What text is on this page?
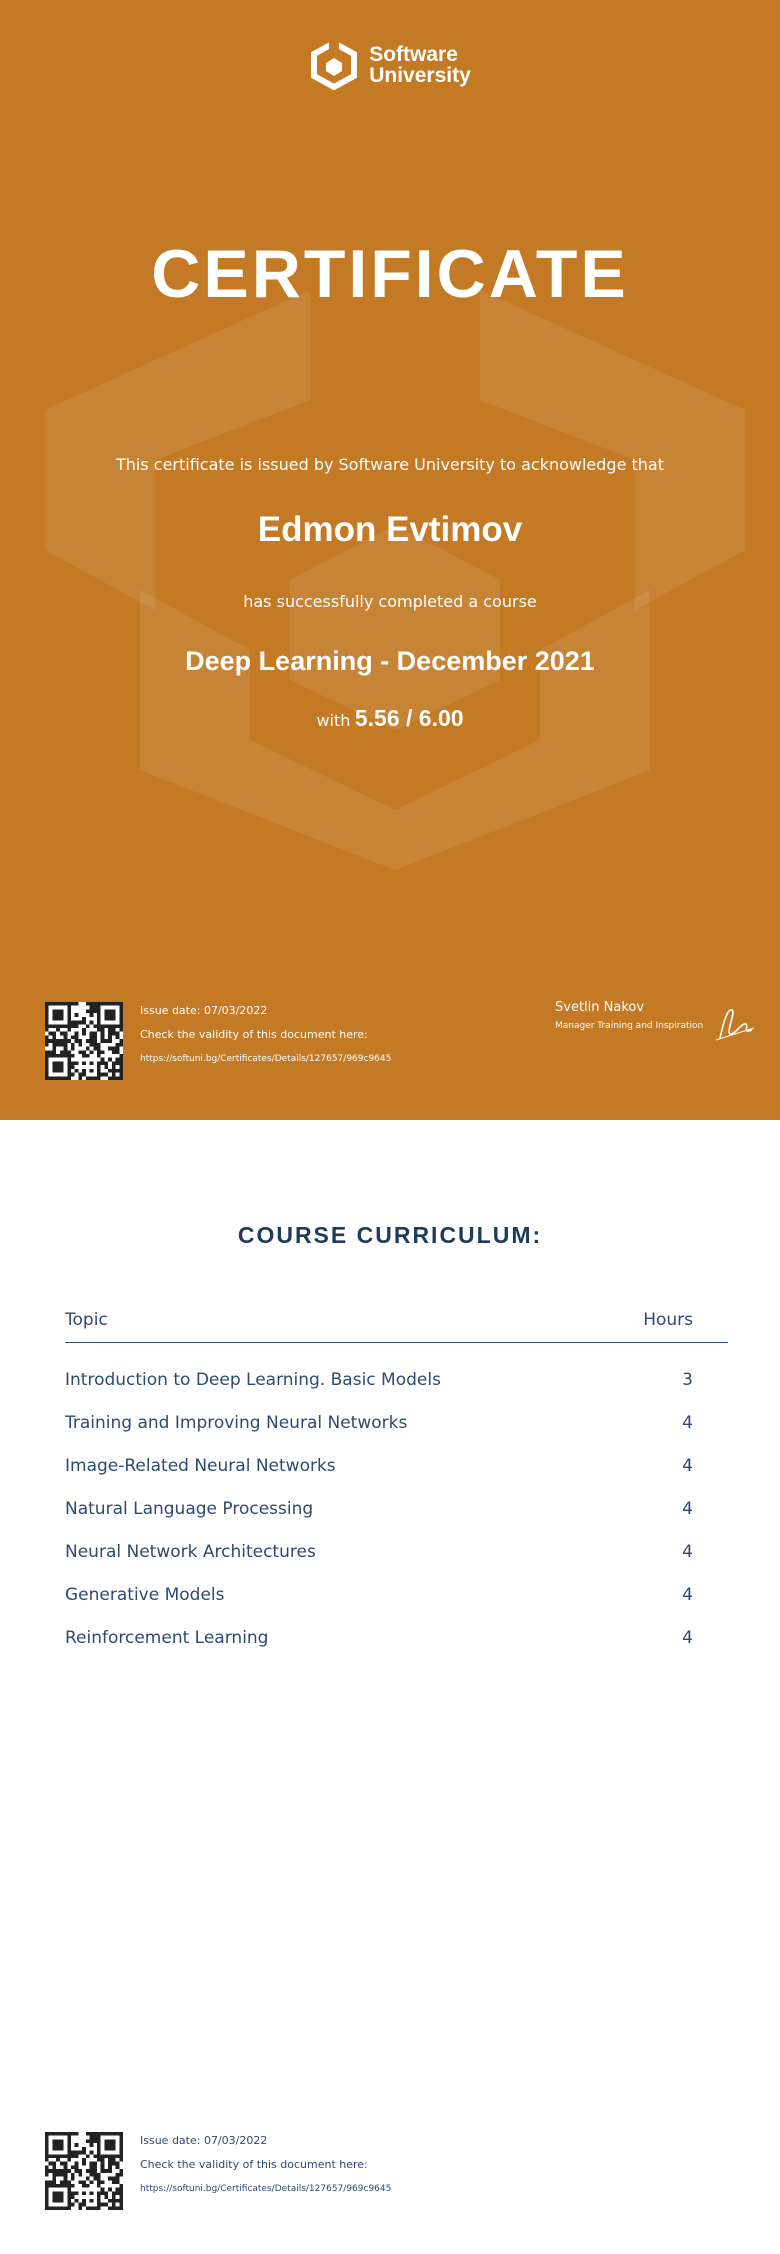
Software
University
CERTIFICATE
This certificate is issued by Software University to acknowledge that
Edmon Evtimov
has successfully completed a course
Deep Learning - December 2021
with 5.56 / 6.00
Issue date: 07/03/2022
Check the validity of this document here:
https://softuni.bg/Certificates/Details/127657/969c9645
Svetlin Nakov
Manager Training and Inspiration
COURSE CURRICULUM:
Topic	Hours
Introduction to Deep Learning. Basic Models	3
Training and Improving Neural Networks	4
Image-Related Neural Networks	4
Natural Language Processing	4
Neural Network Architectures	4
Generative Models	4
Reinforcement Learning	4
Issue date: 07/03/2022
Check the validity of this document here:
https://softuni.bg/Certificates/Details/127657/969c9645
